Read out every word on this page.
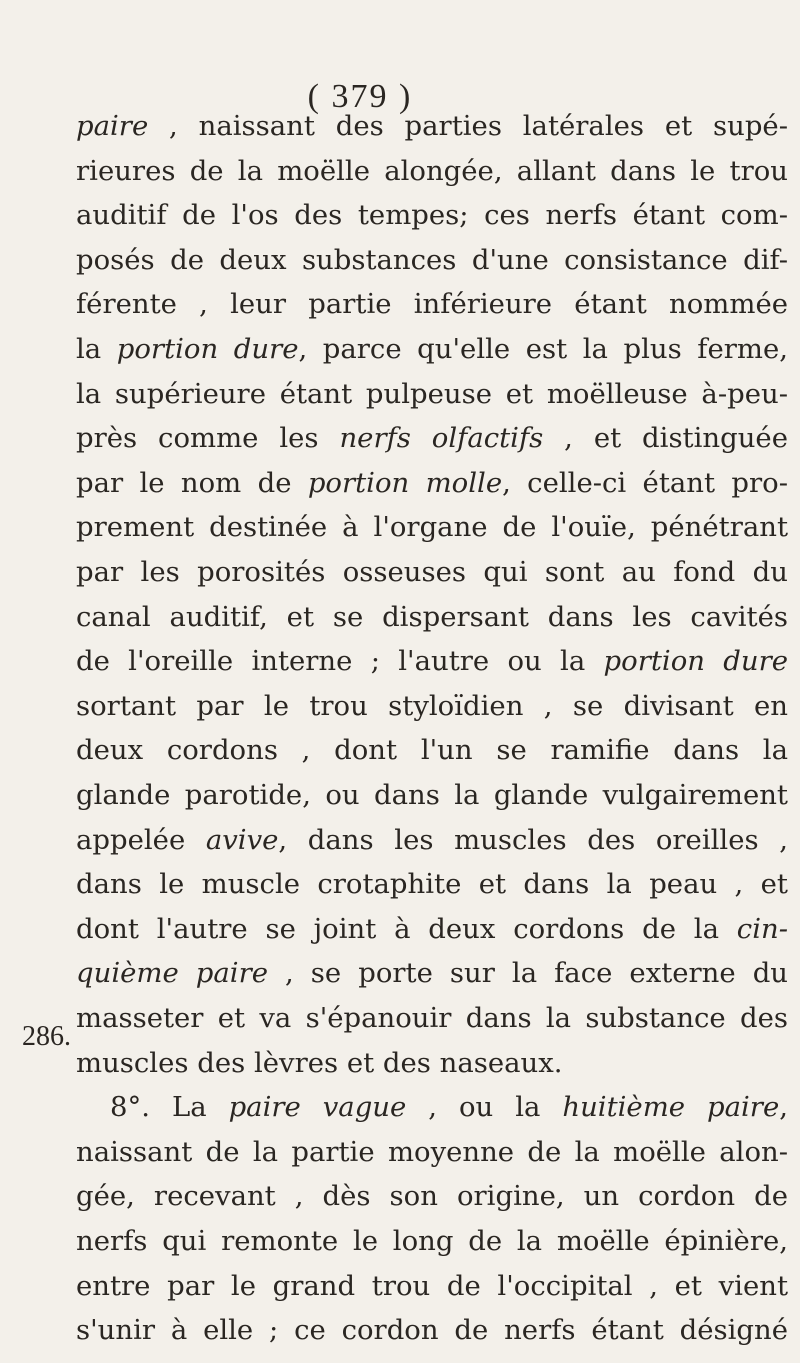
( 379 )
286.
paire , naissant des parties latérales et supé-
rieures de la moëlle alongée, allant dans le trou
auditif de l'os des tempes; ces nerfs étant com-
posés de deux substances d'une consistance dif-
férente , leur partie inférieure étant nommée
la portion dure, parce qu'elle est la plus ferme,
la supérieure étant pulpeuse et moëlleuse à-peu-
près comme les nerfs olfactifs , et distinguée
par le nom de portion molle, celle-ci étant pro-
prement destinée à l'organe de l'ouïe, pénétrant
par les porosités osseuses qui sont au fond du
canal auditif, et se dispersant dans les cavités
de l'oreille interne ; l'autre ou la portion dure
sortant par le trou styloïdien , se divisant en
deux cordons , dont l'un se ramifie dans la
glande parotide, ou dans la glande vulgairement
appelée avive, dans les muscles des oreilles ,
dans le muscle crotaphite et dans la peau , et
dont l'autre se joint à deux cordons de la cin-
quième paire , se porte sur la face externe du
masseter et va s'épanouir dans la substance des
muscles des lèvres et des naseaux.
8°. La paire vague , ou la huitième paire,
naissant de la partie moyenne de la moëlle alon-
gée, recevant , dès son origine, un cordon de
nerfs qui remonte le long de la moëlle épinière,
entre par le grand trou de l'occipital , et vient
s'unir à elle ; ce cordon de nerfs étant désigné
